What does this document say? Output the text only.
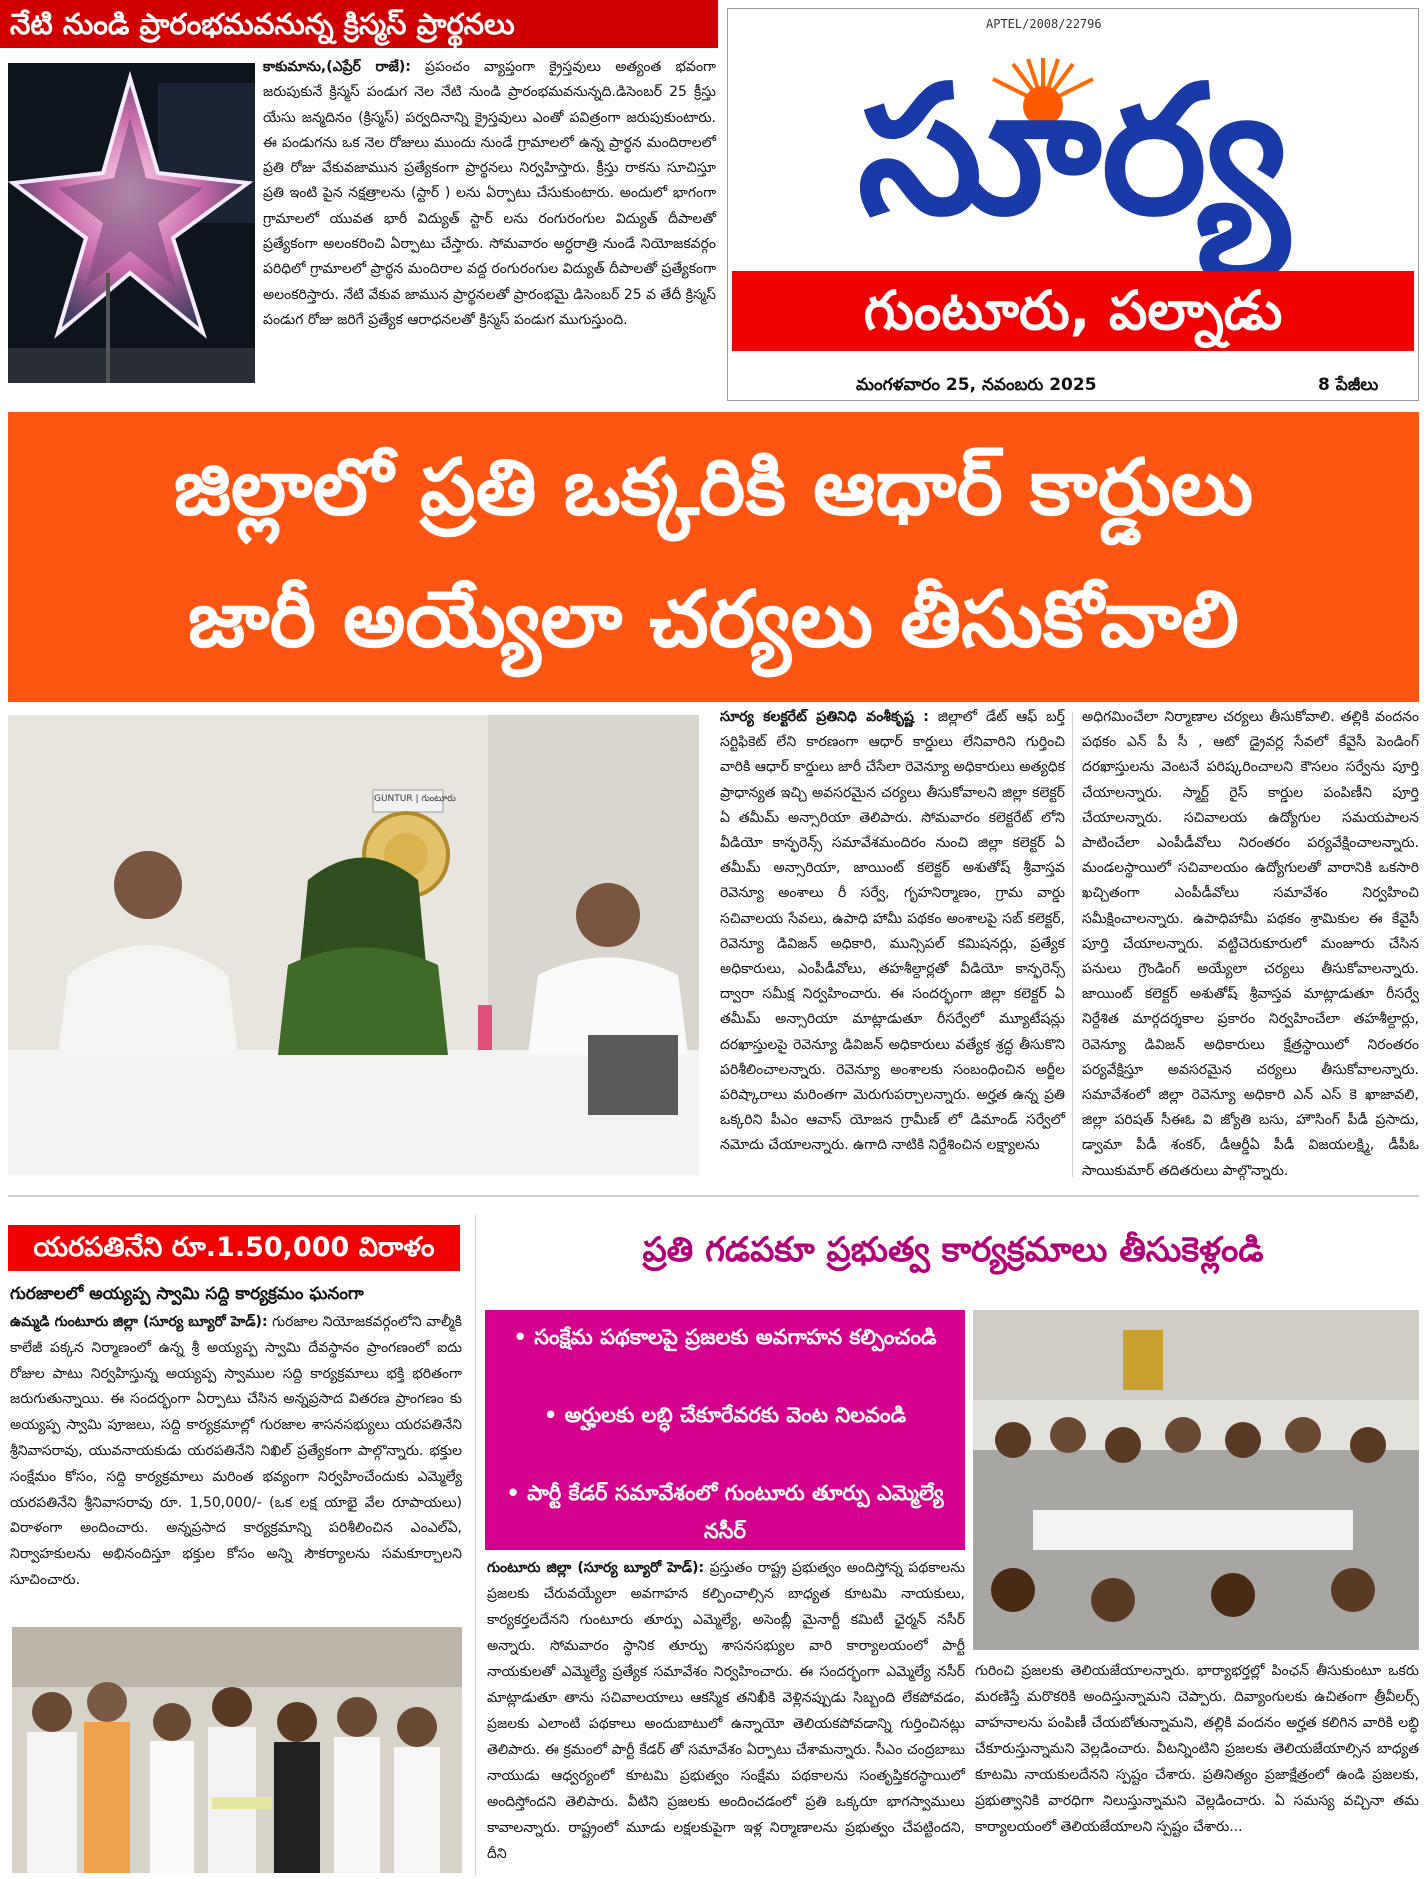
నేటి నుండి ప్రారంభమవనున్న క్రిస్మస్ ప్రార్థనలు

కాకుమాను,(ఎప్రేర్ రాజే): ప్రపంచం వ్యాప్తంగా క్రైస్తవులు అత్యంత భవంగా జరుపుకునే క్రిస్మస్ పండుగ నెల నేటి నుండి ప్రారంభమవనున్నది.డిసెంబర్ 25 క్రీస్తు యేసు జన్మదినం (క్రిస్మస్) పర్వదినాన్ని క్రైస్తవులు ఎంతో పవిత్రంగా జరుపుకుంటారు. ఈ పండుగను ఒక నెల రోజులు ముందు నుండే గ్రామాలలో ఉన్న ప్రార్థన మందిరాలలో ప్రతి రోజు వేకువజామున ప్రత్యేకంగా ప్రార్థనలు నిర్వహిస్తారు. క్రీస్తు రాకను సూచిస్తూ ప్రతి ఇంటి పైన నక్షత్రాలను (స్టార్ ) లను ఏర్పాటు చేసుకుంటారు. అందులో భాగంగా గ్రామాలలో యువత భారీ విద్యుత్ స్టార్ లను రంగురంగుల విద్యుత్ దీపాలతో ప్రత్యేకంగా అలంకరించి ఏర్పాటు చేస్తారు. సోమవారం అర్ధరాత్రి నుండే నియోజకవర్గం పరిధిలో గ్రామాలలో ప్రార్థన మందిరాల వద్ద రంగురంగుల విద్యుత్ దీపాలతో ప్రత్యేకంగా అలంకరిస్తారు. నేటి వేకువ జామున ప్రార్థనలతో ప్రారంభమై డిసెంబర్ 25 వ తేదీ క్రిస్మస్ పండుగ రోజు జరిగే ప్రత్యేక ఆరాధనలతో క్రిస్మస్ పండుగ ముగుస్తుంది.

APTEL/2008/22796
సూర్య
గుంటూరు, పల్నాడు
మంగళవారం 25, నవంబరు 2025	8 పేజీలు
జిల్లాలో ప్రతి ఒక్కరికి ఆధార్ కార్డులు
జారీ అయ్యేలా చర్యలు తీసుకోవాలి
GUNTUR | గుంటూరు

సూర్య కలక్టరేట్ ప్రతినిధి వంశీకృష్ణ : జిల్లాలో డేట్ ఆఫ్ బర్త్ సర్టిఫికెట్ లేని కారణంగా ఆధార్ కార్డులు లేనివారిని గుర్తించి వారికి ఆధార్ కార్డులు జారీ చేసేలా రెవెన్యూ అధికారులు అత్యధిక ప్రాధాన్యత ఇచ్చి అవసరమైన చర్యలు తీసుకోవాలని జిల్లా కలెక్టర్ ఏ తమీమ్ అన్సారియా తెలిపారు. సోమవారం కలెక్టరేట్ లోని వీడియో కాన్ఫరెన్స్ సమావేశమందిరం నుంచి జిల్లా కలెక్టర్ ఏ తమీమ్ అన్సారియా, జాయింట్ కలెక్టర్ అశుతోష్ శ్రీవాస్తవ రెవెన్యూ అంశాలు రీ సర్వే, గృహనిర్మాణం, గ్రామ వార్డు సచివాలయ సేవలు, ఉపాధి హామీ పథకం అంశాలపై సబ్ కలెక్టర్, రెవెన్యూ డివిజన్ అధికారి, మున్సిపల్ కమిషనర్లు, ప్రత్యేక అధికారులు, ఎంపీడీవోలు, తహశీల్దార్లతో వీడియో కాన్ఫరెన్స్ ద్వారా సమీక్ష నిర్వహించారు. ఈ సందర్భంగా జిల్లా కలెక్టర్ ఏ తమీమ్ అన్సారియా మాట్లాడుతూ రీసర్వేలో మ్యూటేషన్లు దరఖాస్తులపై రెవెన్యూ డివిజన్ అధికారులు వత్యేక శ్రద్ధ తీసుకొని పరిశీలించాలన్నారు. రెవెన్యూ అంశాలకు సంబంధించిన అర్జీల పరిష్కారాలు మరింతగా మెరుగుపర్చాలన్నారు. అర్హత ఉన్న ప్రతి ఒక్కరిని పీఎం ఆవాస్ యోజన గ్రామీణ్ లో డిమాండ్ సర్వేలో నమోదు చేయాలన్నారు. ఉగాది నాటికి నిర్దేశించిన లక్ష్యాలను

అధిగమించేలా నిర్మాణాల చర్యలు తీసుకోవాలి. తల్లికి వందనం పథకం ఎన్ పీ సీ , ఆటో డ్రైవర్ల సేవలో కేవైసీ పెండింగ్ దరఖాస్తులను వెంటనే పరిష్కరించాలని కౌసలం సర్వేను పూర్తి చేయాలన్నారు. స్మార్ట్ రైస్ కార్డుల పంపిణీని పూర్తి చేయాలన్నారు. సచివాలయ ఉద్యోగుల సమయపాలన పాటించేలా ఎంపీడీవోలు నిరంతరం పర్యవేక్షించాలన్నారు. మండలస్థాయిలో సచివాలయం ఉద్యోగులతో వారానికి ఒకసారి ఖచ్చితంగా ఎంపీడీవోలు సమావేశం నిర్వహించి సమీక్షించాలన్నారు. ఉపాధిహామీ పథకం శ్రామికుల ఈ కేవైసీ పూర్తి చేయాలన్నారు. వట్టిచెరుకూరులో మంజూరు చేసిన పనులు గ్రౌండింగ్ అయ్యేలా చర్యలు తీసుకోవాలన్నారు. జాయింట్ కలెక్టర్ అశుతోష్ శ్రీవాస్తవ మాట్లాడుతూ రీసర్వే నిర్దేశిత మార్గదర్శకాల ప్రకారం నిర్వహించేలా తహశీల్దార్లు, రెవెన్యూ డివిజన్ అధికారులు క్షేత్రస్థాయిలో నిరంతరం పర్యవేక్షిస్తూ అవసరమైన చర్యలు తీసుకోవాలన్నారు. సమావేశంలో జిల్లా రెవెన్యూ అధికారి ఎన్ ఎస్ కె ఖాజావలి, జిల్లా పరిషత్ సీఈఓ వి జ్యోతి బసు, హౌసింగ్ పీడీ ప్రసాదు, డ్వామా పీడీ శంకర్, డీఆర్డీఏ పీడీ విజయలక్ష్మి, డీపీఓ సాయికుమార్ తదితరులు పాల్గొన్నారు.

యరపతినేని రూ.1.50,000 విరాళం
గురజాలలో అయ్యప్ప స్వామి సద్ది కార్యక్రమం ఘనంగా

ఉమ్మడి గుంటూరు జిల్లా (సూర్య బ్యూరో హెడ్): గురజాల నియోజకవర్గంలోని వాల్మీకి కాలేజీ పక్కన నిర్మాణంలో ఉన్న శ్రీ అయ్యప్ప స్వామి దేవస్థానం ప్రాంగణంలో ఐదు రోజుల పాటు నిర్వహిస్తున్న అయ్యప్ప స్వాముల సద్ది కార్యక్రమాలు భక్తి భరితంగా జరుగుతున్నాయి. ఈ సందర్భంగా ఏర్పాటు చేసిన అన్నప్రసాద వితరణ ప్రాంగణం కు అయ్యప్ప స్వామి పూజలు, సద్ది కార్యక్రమాల్లో గురజాల శాసనసభ్యులు యరపతినేని శ్రీనివాసరావు, యువనాయకుడు యరపతినేని నిఖిల్ ప్రత్యేకంగా పాల్గొన్నారు. భక్తుల సంక్షేమం కోసం, సద్ది కార్యక్రమాలు మరింత భవ్యంగా నిర్వహించేందుకు ఎమ్మెల్యే యరపతినేని శ్రీనివాసరావు రూ. 1,50,000/- (ఒక లక్ష యాభై వేల రూపాయలు) విరాళంగా అందించారు. అన్నప్రసాద కార్యక్రమాన్ని పరిశీలించిన ఎంఎల్ఏ, నిర్వాహకులను అభినందిస్తూ భక్తుల కోసం అన్ని సౌకర్యాలను సమకూర్చాలని సూచించారు.

ప్రతి గడపకూ ప్రభుత్వ కార్యక్రమాలు తీసుకెళ్లండి
• సంక్షేమ పథకాలపై ప్రజలకు అవగాహన కల్పించండి
• అర్హులకు లబ్ధి చేకూరేవరకు వెంట నిలవండి
• పార్టీ కేడర్ సమావేశంలో గుంటూరు తూర్పు ఎమ్మెల్యే నసీర్

గుంటూరు జిల్లా (సూర్య బ్యూరో హెడ్): ప్రస్తుతం రాష్ట్ర ప్రభుత్వం అందిస్తోన్న పథకాలను ప్రజలకు చేరువయ్యేలా అవగాహన కల్పించాల్సిన బాధ్యత కూటమి నాయకులు, కార్యకర్తలదేనని గుంటూరు తూర్పు ఎమ్మెల్యే, అసెంబ్లీ మైనార్టీ కమిటీ ఛైర్మన్ నసీర్ అన్నారు. సోమవారం స్థానిక తూర్పు శాసనసభ్యుల వారి కార్యాలయంలో పార్టీ నాయకులతో ఎమ్మెల్యే ప్రత్యేక సమావేశం నిర్వహించారు. ఈ సందర్భంగా ఎమ్మెల్యే నసీర్ మాట్లాడుతూ తాను సచివాలయాలు ఆకస్మిక తనిఖీకి వెళ్లినప్పుడు సిబ్బంది లేకపోవడం, ప్రజలకు ఎలాంటి పథకాలు అందుబాటులో ఉన్నాయో తెలియకపోవడాన్ని గుర్తించినట్లు తెలిపారు. ఈ క్రమంలో పార్టీ కేడర్ తో సమావేశం ఏర్పాటు చేశామన్నారు. సీఎం చంద్రబాబు నాయుడు ఆధ్వర్యంలో కూటమి ప్రభుత్వం సంక్షేమ పథకాలను సంతృప్తికరస్థాయిలో అందిస్తోందని తెలిపారు. వీటిని ప్రజలకు అందించడంలో ప్రతి ఒక్కరూ భాగస్వాములు కావాలన్నారు. రాష్ట్రంలో మూడు లక్షలకుపైగా ఇళ్ల నిర్మాణాలను ప్రభుత్వం చేపట్టిందని, దీని

గురించి ప్రజలకు తెలియజేయాలన్నారు. భార్యాభర్తల్లో పింఛన్ తీసుకుంటూ ఒకరు మరణిస్తే మరొకరికి అందిస్తున్నామని చెప్పారు. దివ్యాంగులకు ఉచితంగా త్రీవీలర్స్ వాహనాలను పంపిణీ చేయబోతున్నామని, తల్లికి వందనం అర్హత కలిగిన వారికి లబ్ధి చేకూరుస్తున్నామని వెల్లడించారు. వీటన్నింటిని ప్రజలకు తెలియజేయాల్సిన బాధ్యత కూటమి నాయకులదేనని స్పష్టం చేశారు. ప్రతినిత్యం ప్రజాక్షేత్రంలో ఉండి ప్రజలకు, ప్రభుత్వానికి వారధిగా నిలుస్తున్నామని వెల్లడించారు. ఏ సమస్య వచ్చినా తమ కార్యాలయంలో తెలియజేయాలని స్పష్టం చేశారు...
